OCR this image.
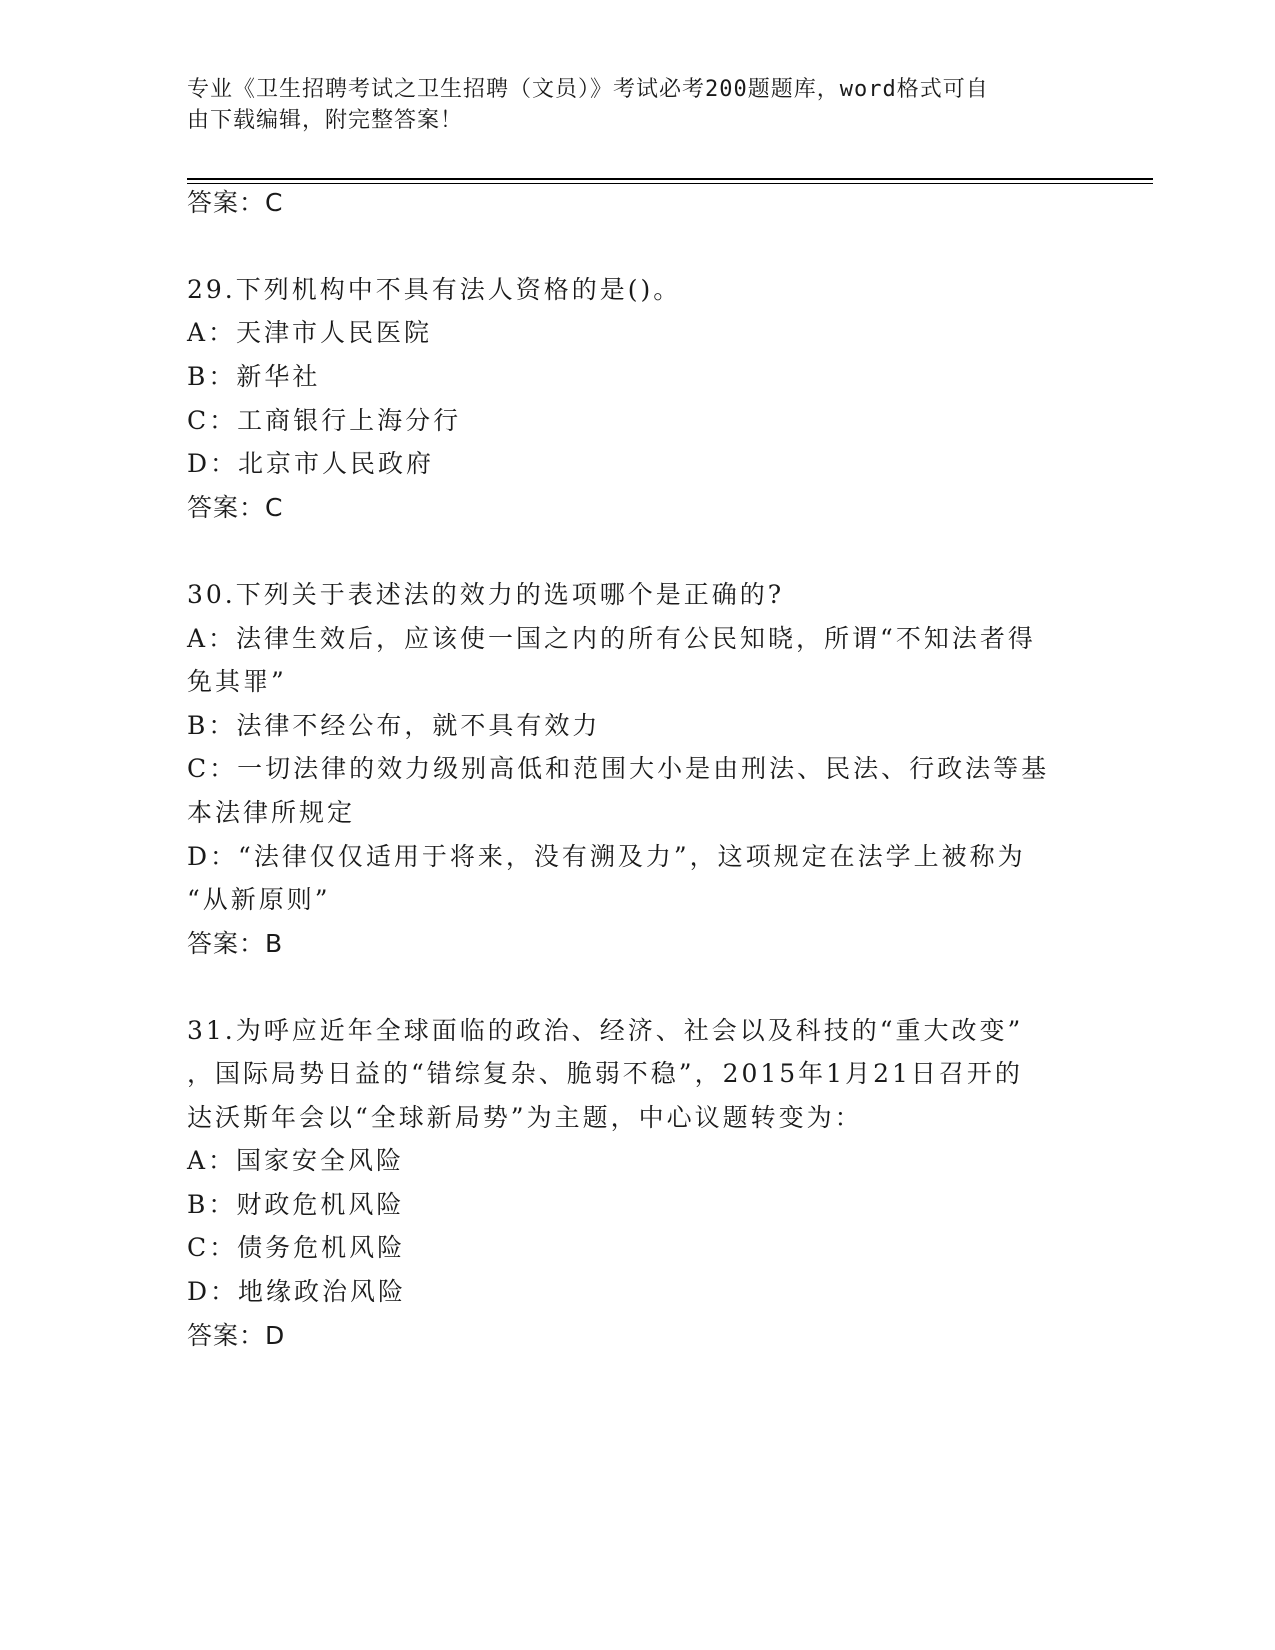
专业《卫生招聘考试之卫生招聘（文员）》考试必考200题题库，word格式可自
由下载编辑，附完整答案！
答案：C
29.下列机构中不具有法人资格的是()。
A：天津市人民医院
B：新华社
C：工商银行上海分行
D：北京市人民政府
答案：C
30.下列关于表述法的效力的选项哪个是正确的?
A：法律生效后，应该使一国之内的所有公民知晓，所谓“不知法者得
免其罪”
B：法律不经公布，就不具有效力
C：一切法律的效力级别高低和范围大小是由刑法、民法、行政法等基
本法律所规定
D：“法律仅仅适用于将来，没有溯及力”，这项规定在法学上被称为
“从新原则”
答案：B
31.为呼应近年全球面临的政治、经济、社会以及科技的“重大改变”
，国际局势日益的“错综复杂、脆弱不稳”，2015年1月21日召开的
达沃斯年会以“全球新局势”为主题，中心议题转变为：
A：国家安全风险
B：财政危机风险
C：债务危机风险
D：地缘政治风险
答案：D
